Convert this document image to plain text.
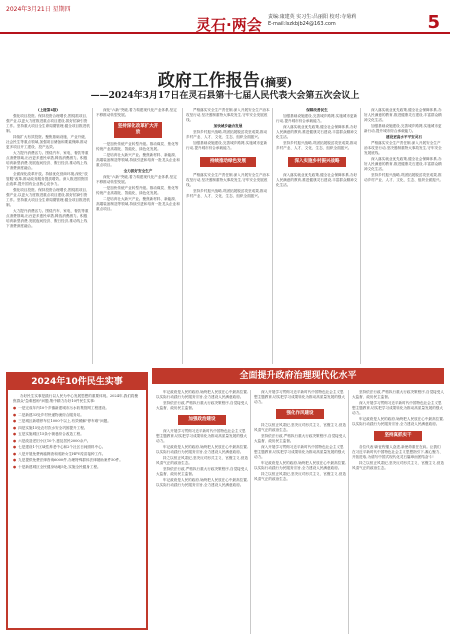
2024年3月21日 星期四
灵石·两会 责编:康建英 实习生:吕丽阳 校对:寺菊莉
E-mail:lszkbjb24@163.com	5
政府工作报告(摘要)
——2024年3月17日在灵石县第十七届人民代表大会第五次会议上

(上接第4版)

强化项目投资。保持投资合理增长,围绕抓项目、强产业,以更大力度推进重点项目建设,抓好招商引资工作。坚持重大项目全生命周期管理,健全项目推进机制。

持续扩大有效投资。聚焦基础设施、产业升级、社会民生等重点领域,加强项目储备和要素保障,推动更多项目开工建设、投产达效。

大力提升消费活力。围绕汽车、家电、餐饮等重点消费领域,出台更多惠民举措,释放消费潜力。积极培育新型消费,发展夜间经济、假日经济,推动线上线下消费深度融合。

全面深化改革开放。持续优化营商环境,深化"放管服"改革,推动政务服务提质增效。深入推进国资国企改革,提升国有企业核心竞争力。

强化项目投资。保持投资合理增长,围绕抓项目、强产业,以更大力度推进重点项目建设,抓好招商引资工作。坚持重大项目全生命周期管理,健全项目推进机制。

大力提升消费活力。围绕汽车、家电、餐饮等重点消费领域,出台更多惠民举措,释放消费潜力。积极培育新型消费,发展夜间经济、假日经济,推动线上线下消费深度融合。

深化"六新"突破,着力构建现代化产业体系,坚定不移推动转型发展。

坚持深化改革扩大开放

一是加快传统产业转型升级。推动煤炭、焦化等传统产业高端化、智能化、绿色化发展。

二是培育壮大新兴产业。聚焦新材料、新能源、高端装备制造等领域,持续引进和培育一批龙头企业和重点项目。

全力抓好安全生产

深化"六新"突破,着力构建现代化产业体系,坚定不移推动转型发展。

一是加快传统产业转型升级。推动煤炭、焦化等传统产业高端化、智能化、绿色化发展。

二是培育壮大新兴产业。聚焦新材料、新能源、高端装备制造等领域,持续引进和培育一批龙头企业和重点项目。

严格落实安全生产责任制,深入开展安全生产治本攻坚行动,坚决遏制重特大事故发生,守牢安全发展底线。

加快城乡融合发展

坚持乡村振兴战略,巩固拓展脱贫攻坚成果,推动乡村产业、人才、文化、生态、组织全面振兴。

加强基础设施建设,完善城乡路网,实施城市更新行动,提升城市综合承载能力。

持续推动绿色发展

严格落实安全生产责任制,深入开展安全生产治本攻坚行动,坚决遏制重特大事故发生,守牢安全发展底线。

坚持乡村振兴战略,巩固拓展脱贫攻坚成果,推动乡村产业、人才、文化、生态、组织全面振兴。

保障改善民生

加强基础设施建设,完善城乡路网,实施城市更新行动,提升城市综合承载能力。

深入落实就业优先政策,健全社会保障体系,办好人民满意的教育,推进健康灵石建设,丰富群众精神文化生活。

坚持乡村振兴战略,巩固拓展脱贫攻坚成果,推动乡村产业、人才、文化、生态、组织全面振兴。

深入实施乡村振兴战略

深入落实就业优先政策,健全社会保障体系,办好人民满意的教育,推进健康灵石建设,丰富群众精神文化生活。

深入落实就业优先政策,健全社会保障体系,办好人民满意的教育,推进健康灵石建设,丰富群众精神文化生活。

加强基础设施建设,完善城乡路网,实施城市更新行动,提升城市综合承载能力。

建设更高水平平安灵石

严格落实安全生产责任制,深入开展安全生产治本攻坚行动,坚决遏制重特大事故发生,守牢安全发展底线。

深入落实就业优先政策,健全社会保障体系,办好人民满意的教育,推进健康灵石建设,丰富群众精神文化生活。

坚持乡村振兴战略,巩固拓展脱贫攻坚成果,推动乡村产业、人才、文化、生态、组织全面振兴。

2024年10件民生实事
办好民生实事是践行以人民为中心发展思想的重要体现。2024年,我们将聚焦群众"急难愁盼"问题,集中精力办好10件民生实事:
● 一是完成年内10个乡镇新建城市污水收集管网工程建设。
● 二是新建33处乡村快递物流综合服务站。
● 三是城区新增停车位1000个以上,有效缓解"停车难"问题。
● 四是实施15处农村饮水安全巩固提升工程。
● 五是实施城区15条小街巷综合改造工程。
● 六是改造老旧小区10个,惠及居民2000余户。
● 七是建设1个区域性养老中心和2个社区日间照料中心。
● 八是开展免费两癌筛查和适龄女生HPV疫苗接种工作。
● 九是提供免费法律咨询6000件,办理特殊群体法律援助案件50件。
● 十是新建城区全民健身场地5处,实施全民健身工程。
全面提升政府治理现代化水平

牢记政府是人民的政府,始终把人民放在心中最高位置,以实际行动践行为民服务宗旨,全力建设人民满意政府。

坚持依法行政,严格执行重大行政决策程序,自觉接受人大监督、政协民主监督。

加强政治建设

深入开展学习贯彻习近平新时代中国特色社会主义思想主题教育,切实把学习成果转化为推动高质量发展的强大动力。

牢记政府是人民的政府,始终把人民放在心中最高位置,以实际行动践行为民服务宗旨,全力建设人民满意政府。

持之以恒正风肃纪,坚决反对形式主义、官僚主义,营造风清气正的政治生态。

坚持依法行政,严格执行重大行政决策程序,自觉接受人大监督、政协民主监督。

牢记政府是人民的政府,始终把人民放在心中最高位置,以实际行动践行为民服务宗旨,全力建设人民满意政府。

深入开展学习贯彻习近平新时代中国特色社会主义思想主题教育,切实把学习成果转化为推动高质量发展的强大动力。

强化作风建设

持之以恒正风肃纪,坚决反对形式主义、官僚主义,营造风清气正的政治生态。

坚持依法行政,严格执行重大行政决策程序,自觉接受人大监督、政协民主监督。

深入开展学习贯彻习近平新时代中国特色社会主义思想主题教育,切实把学习成果转化为推动高质量发展的强大动力。

牢记政府是人民的政府,始终把人民放在心中最高位置,以实际行动践行为民服务宗旨,全力建设人民满意政府。

持之以恒正风肃纪,坚决反对形式主义、官僚主义,营造风清气正的政治生态。

坚持依法行政,严格执行重大行政决策程序,自觉接受人大监督、政协民主监督。

深入开展学习贯彻习近平新时代中国特色社会主义思想主题教育,切实把学习成果转化为推动高质量发展的强大动力。

牢记政府是人民的政府,始终把人民放在心中最高位置,以实际行动践行为民服务宗旨,全力建设人民满意政府。

坚持真抓实干

各位代表!新征程催人奋进,新使命重任在肩。让我们在习近平新时代中国特色社会主义思想指引下,凝心聚力、开拓进取,为谱写中国式现代化灵石篇章而团结奋斗!

持之以恒正风肃纪,坚决反对形式主义、官僚主义,营造风清气正的政治生态。
